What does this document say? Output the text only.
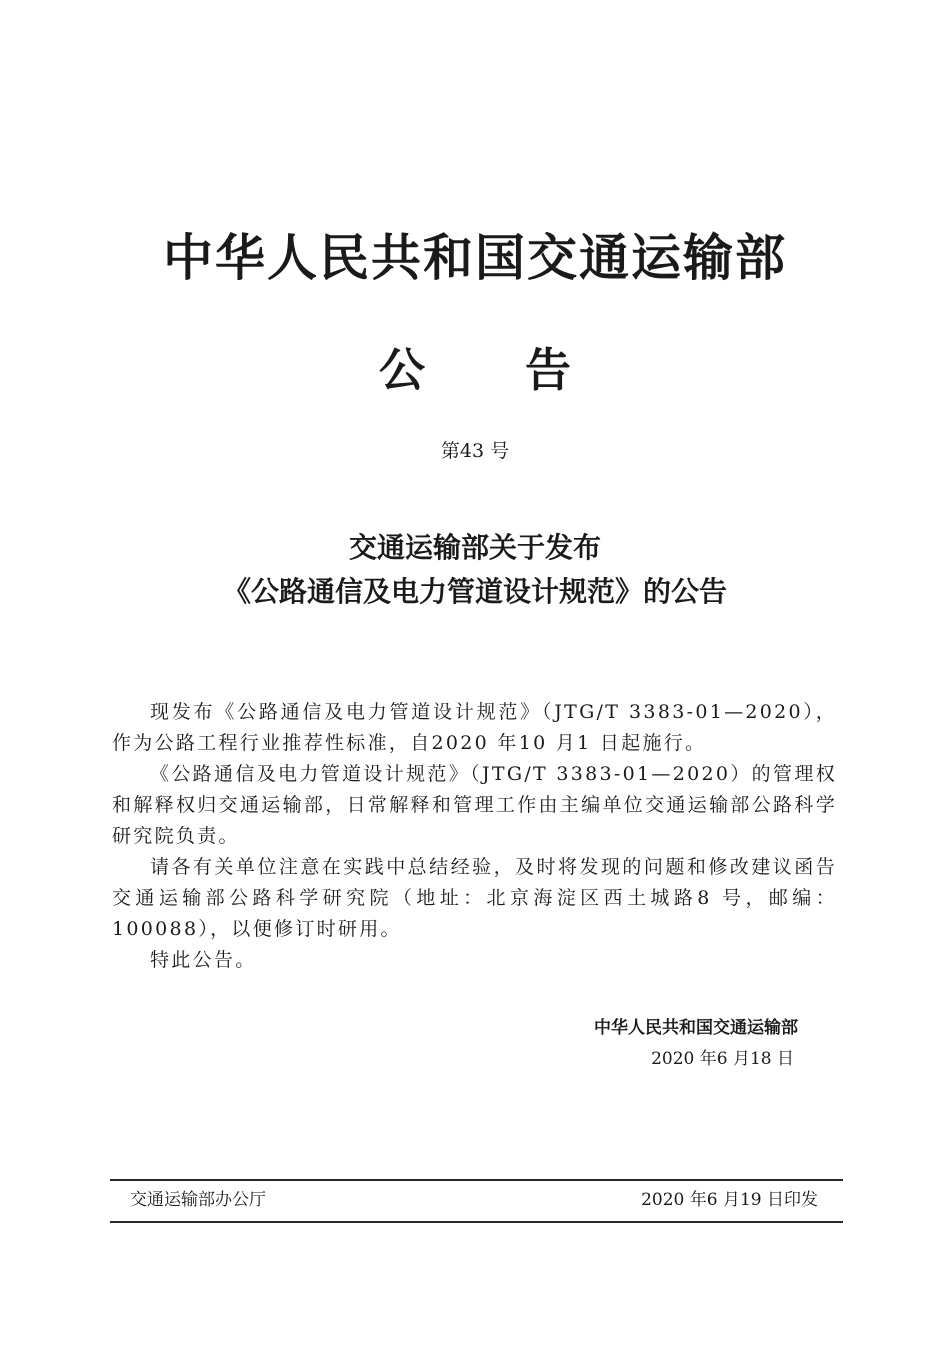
中华人民共和国交通运输部
公 告
第43 号
交通运输部关于发布
《公路通信及电力管道设计规范》的公告

现发布《公路通信及电力管道设计规范》（JTG/T 3383-01—2020），作为公路工程行业推荐性标准，自2020 年10 月1 日起施行。

《公路通信及电力管道设计规范》（JTG/T 3383-01—2020）的管理权和解释权归交通运输部，日常解释和管理工作由主编单位交通运输部公路科学研究院负责。

请各有关单位注意在实践中总结经验，及时将发现的问题和修改建议函告交通运输部公路科学研究院（地址：北京海淀区西土城路8 号，邮编：100088），以便修订时研用。

特此公告。

中华人民共和国交通运输部
2020 年6 月18 日
交通运输部办公厅	2020 年6 月19 日印发
